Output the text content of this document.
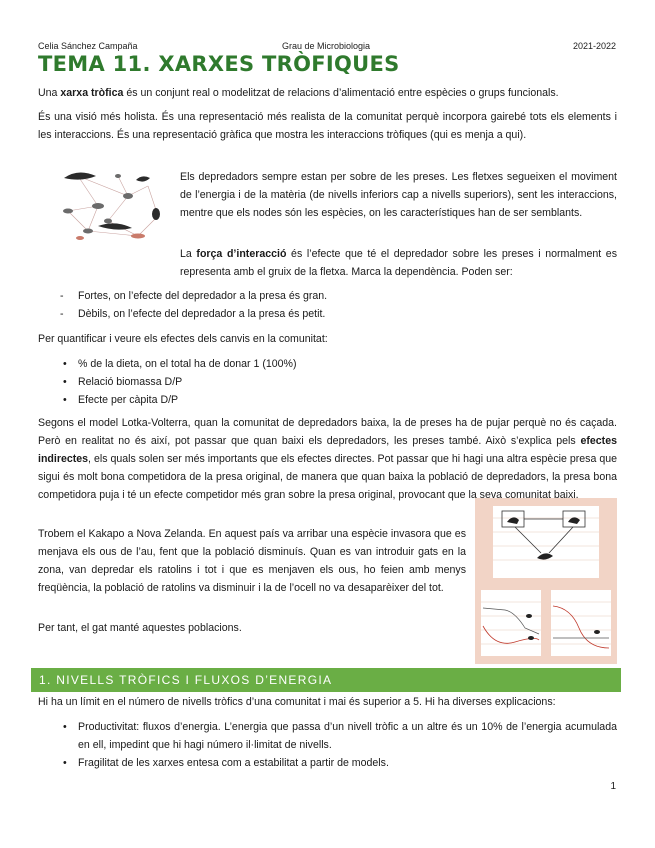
Celia Sánchez Campaña	Grau de Microbiologia	2021-2022
TEMA 11. XARXES TRÒFIQUES

Una xarxa tròfica és un conjunt real o modelitzat de relacions d’alimentació entre espècies o grups funcionals.

És una visió més holista. És una representació més realista de la comunitat perquè incorpora gairebé tots els elements i les interaccions. És una representació gràfica que mostra les interaccions tròfiques (qui es menja a qui).

Els depredadors sempre estan per sobre de les preses. Les fletxes segueixen el moviment de l’energia i de la matèria (de nivells inferiors cap a nivells superiors), sent les interaccions, mentre que els nodes són les espècies, on les característiques han de ser semblants.

La força d’interacció és l’efecte que té el depredador sobre les preses i normalment es representa amb el gruix de la fletxa. Marca la dependència. Poden ser:

- Fortes, on l’efecte del depredador a la presa és gran.
- Dèbils, on l’efecte del depredador a la presa és petit.

Per quantificar i veure els efectes dels canvis en la comunitat:

• % de la dieta, on el total ha de donar 1 (100%)
• Relació biomassa D/P
• Efecte per càpita D/P

Segons el model Lotka-Volterra, quan la comunitat de depredadors baixa, la de preses ha de pujar perquè no és caçada. Però en realitat no és així, pot passar que quan baixi els depredadors, les preses també. Això s’explica pels efectes indirectes, els quals solen ser més importants que els efectes directes. Pot passar que hi hagi una altra espècie presa que sigui és molt bona competidora de la presa original, de manera que quan baixa la població de depredadors, la presa bona competidora puja i té un efecte competidor més gran sobre la presa original, provocant que la seva comunitat baixi.

Trobem el Kakapo a Nova Zelanda. En aquest país va arribar una espècie invasora que es menjava els ous de l’au, fent que la població disminuís. Quan es van introduir gats en la zona, van depredar els ratolins i tot i que es menjaven els ous, ho feien amb menys freqüència, la població de ratolins va disminuir i la de l’ocell no va desaparèixer del tot.

Per tant, el gat manté aquestes poblacions.

1. NIVELLS TRÒFICS I FLUXOS D’ENERGIA

Hi ha un límit en el número de nivells tròfics d’una comunitat i mai és superior a 5. Hi ha diverses explicacions:

• Productivitat: fluxos d’energia. L’energia que passa d’un nivell tròfic a un altre és un 10% de l’energia acumulada en ell, impedint que hi hagi número il·limitat de nivells.
• Fragilitat de les xarxes entesa com a estabilitat a partir de models.
1
